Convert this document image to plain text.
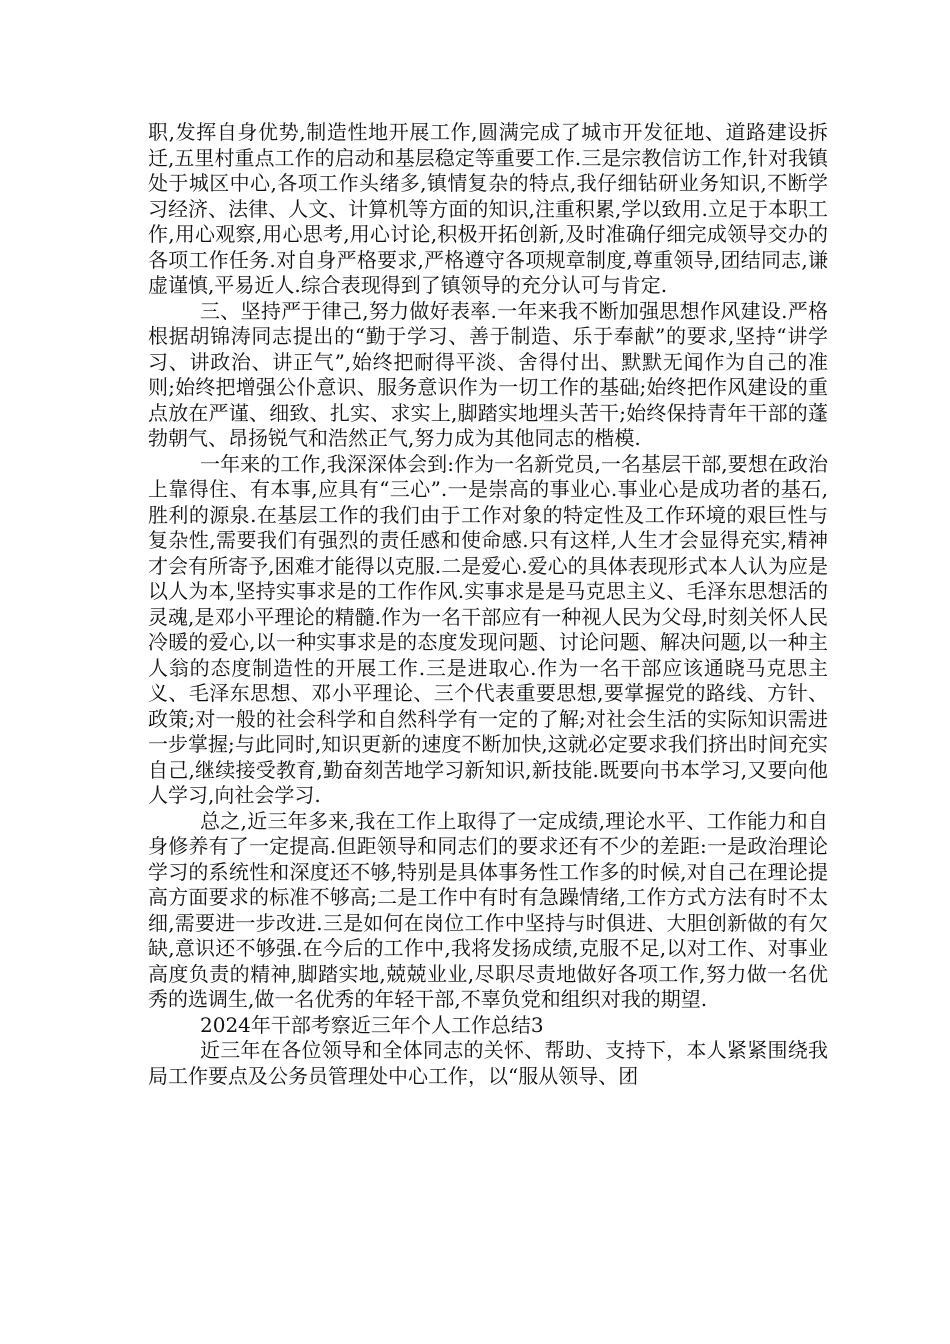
职,发挥自身优势,制造性地开展工作,圆满完成了城市开发征地、道路建设拆迁,五里村重点工作的启动和基层稳定等重要工作.三是宗教信访工作,针对我镇处于城区中心,各项工作头绪多,镇情复杂的特点,我仔细钻研业务知识,不断学习经济、法律、人文、计算机等方面的知识,注重积累,学以致用.立足于本职工作,用心观察,用心思考,用心讨论,积极开拓创新,及时准确仔细完成领导交办的各项工作任务.对自身严格要求,严格遵守各项规章制度,尊重领导,团结同志,谦虚谨慎,平易近人.综合表现得到了镇领导的充分认可与肯定.

三、坚持严于律己,努力做好表率.一年来我不断加强思想作风建设.严格根据胡锦涛同志提出的“勤于学习、善于制造、乐于奉献”的要求,坚持“讲学习、讲政治、讲正气”,始终把耐得平淡、舍得付出、默默无闻作为自己的准则;始终把增强公仆意识、服务意识作为一切工作的基础;始终把作风建设的重点放在严谨、细致、扎实、求实上,脚踏实地埋头苦干;始终保持青年干部的蓬勃朝气、昂扬锐气和浩然正气,努力成为其他同志的楷模.

一年来的工作,我深深体会到:作为一名新党员,一名基层干部,要想在政治上靠得住、有本事,应具有“三心”.一是崇高的事业心.事业心是成功者的基石,胜利的源泉.在基层工作的我们由于工作对象的特定性及工作环境的艰巨性与复杂性,需要我们有强烈的责任感和使命感.只有这样,人生才会显得充实,精神才会有所寄予,困难才能得以克服.二是爱心.爱心的具体表现形式本人认为应是以人为本,坚持实事求是的工作作风.实事求是是马克思主义、毛泽东思想活的灵魂,是邓小平理论的精髓.作为一名干部应有一种视人民为父母,时刻关怀人民冷暖的爱心,以一种实事求是的态度发现问题、讨论问题、解决问题,以一种主人翁的态度制造性的开展工作.三是进取心.作为一名干部应该通晓马克思主义、毛泽东思想、邓小平理论、三个代表重要思想,要掌握党的路线、方针、政策;对一般的社会科学和自然科学有一定的了解;对社会生活的实际知识需进一步掌握;与此同时,知识更新的速度不断加快,这就必定要求我们挤出时间充实自己,继续接受教育,勤奋刻苦地学习新知识,新技能.既要向书本学习,又要向他人学习,向社会学习.

总之,近三年多来,我在工作上取得了一定成绩,理论水平、工作能力和自身修养有了一定提高.但距领导和同志们的要求还有不少的差距:一是政治理论学习的系统性和深度还不够,特别是具体事务性工作多的时候,对自己在理论提高方面要求的标准不够高;二是工作中有时有急躁情绪,工作方式方法有时不太细,需要进一步改进.三是如何在岗位工作中坚持与时俱进、大胆创新做的有欠缺,意识还不够强.在今后的工作中,我将发扬成绩,克服不足,以对工作、对事业高度负责的精神,脚踏实地,兢兢业业,尽职尽责地做好各项工作,努力做一名优秀的选调生,做一名优秀的年轻干部,不辜负党和组织对我的期望.

2024年干部考察近三年个人工作总结3

近三年在各位领导和全体同志的关怀、帮助、支持下，本人紧紧围绕我局工作要点及公务员管理处中心工作，以“服从领导、团
